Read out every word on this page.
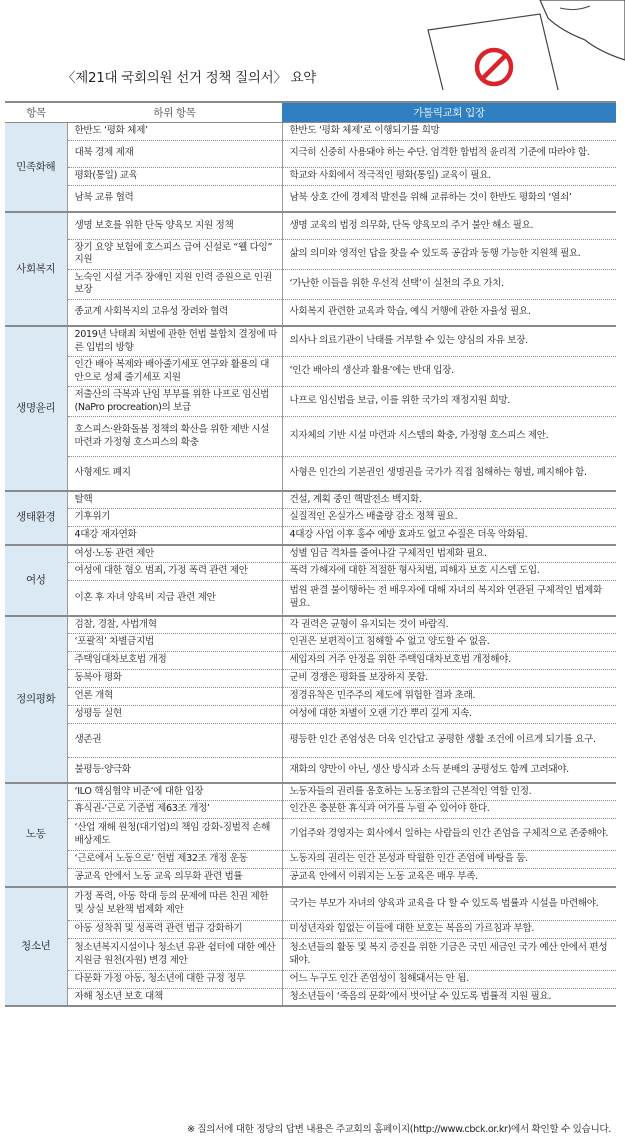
〈제21대 국회의원 선거 정책 질의서〉 요약
항목	하위 항목	가톨릭교회 입장
민족화해	한반도 ‘평화 체제’	한반도 ‘평화 체제’로 이행되기를 희망
	대북 경제 제재	지극히 신중히 사용돼야 하는 수단. 엄격한 합법적 윤리적 기준에 따라야 함.
	평화(통일) 교육	학교와 사회에서 적극적인 평화(통일) 교육이 필요.
	남북 교류 협력	남북 상호 간에 경제적 발전을 위해 교류하는 것이 한반도 평화의 ‘열쇠’
사회복지	생명 보호를 위한 단독 양육모 지원 정책	생명 교육의 법정 의무화, 단독 양육모의 주거 불안 해소 필요.
	장기 요양 보험에 호스피스 급여 신설로 “웰 다잉” 지원	삶의 의미와 영적인 답을 찾을 수 있도록 공감과 동행 가능한 지원책 필요.
	노숙인 시설 거주 장애인 지원 인력 증원으로 인권 보장	‘가난한 이들을 위한 우선적 선택’이 실천의 주요 가치.
	종교계 사회복지의 고유성 장려와 협력	사회복지 관련한 교육과 학습, 예식 거행에 관한 자율성 필요.
생명윤리	2019년 낙태죄 처벌에 관한 헌법 불합치 결정에 따른 입법의 방향	의사나 의료기관이 낙태를 거부할 수 있는 양심의 자유 보장.
	인간 배아 복제와 배아줄기세포 연구와 활용의 대안으로 성체 줄기세포 지원	‘인간 배아의 생산과 활용’에는 반대 입장.
	저출산의 극복과 난임 부부를 위한 나프로 임신법(NaPro procreation)의 보급	나프로 임신법을 보급, 이를 위한 국가의 재정지원 희망.
	호스피스·완화돌봄 정책의 확산을 위한 제반 시설 마련과 가정형 호스피스의 확충	지자체의 기반 시설 마련과 시스템의 확충, 가정형 호스피스 제안.
	사형제도 폐지	사형은 인간의 기본권인 생명권을 국가가 직접 침해하는 형벌, 폐지해야 함.
생태환경	탈핵	건설, 계획 중인 핵발전소 백지화.
	기후위기	실질적인 온실가스 배출량 감소 정책 필요.
	4대강 재자연화	4대강 사업 이후 홍수 예방 효과도 없고 수질은 더욱 악화됨.
여성	여성·노동 관련 제안	성별 임금 격차를 줄여나갈 구체적인 법제화 필요.
	여성에 대한 혐오 범죄, 가정 폭력 관련 제안	폭력 가해자에 대한 적절한 형사처벌, 피해자 보호 시스템 도입.
	이혼 후 자녀 양육비 지급 관련 제안	법원 판결 불이행하는 전 배우자에 대해 자녀의 복지와 연관된 구체적인 법제화 필요.
정의평화	검찰, 경찰, 사법개혁	각 권력은 균형이 유지되는 것이 바람직.
	‘포괄적’ 차별금지법	인권은 보편적이고 침해할 수 없고 양도할 수 없음.
	주택임대차보호법 개정	세입자의 거주 안정을 위한 주택임대차보호법 개정해야.
	동북아 평화	군비 경쟁은 평화를 보장하지 못함.
	언론 개혁	정경유착은 민주주의 제도에 위험한 결과 초래.
	성평등 실현	여성에 대한 차별이 오랜 기간 뿌리 깊게 지속.
	생존권	평등한 인간 존엄성은 더욱 인간답고 공평한 생활 조건에 이르게 되기를 요구.
	불평등·양극화	재화의 양만이 아닌, 생산 방식과 소득 분배의 공평성도 함께 고려돼야.
노동	‘ILO 핵심협약 비준’에 대한 입장	노동자들의 권리를 옹호하는 노동조합의 근본적인 역할 인정.
	휴식권-‘근로 기준법 제63조 개정’	인간은 충분한 휴식과 여가를 누릴 수 있어야 한다.
	‘산업 재해 원청(대기업)의 책임 강화-징벌적 손해배상제도	기업주와 경영자는 회사에서 일하는 사람들의 인간 존엄을 구체적으로 존중해야.
	‘근로에서 노동으로’ 헌법 제32조 개정 운동	노동자의 권리는 인간 본성과 탁월한 인간 존엄에 바탕을 둠.
	공교육 안에서 노동 교육 의무화 관련 법률	공교육 안에서 이뤄지는 노동 교육은 매우 부족.
청소년	가정 폭력, 아동 학대 등의 문제에 따른 친권 제한 및 상실 보완책 법제화 제안	국가는 부모가 자녀의 양육과 교육을 다 할 수 있도록 법률과 시설을 마련해야.
	아동 성착취 및 성폭력 관련 법규 강화하기	미성년자와 힘없는 이들에 대한 보호는 복음의 가르침과 부합.
	청소년복지시설이나 청소년 유관 쉼터에 대한 예산지원금 원천(자원) 변경 제안	청소년들의 활동 및 복지 증진을 위한 기금은 국민 세금인 국가 예산 안에서 편성돼야.
	다문화 가정 아동, 청소년에 대한 규정 정무	어느 누구도 인간 존엄성이 침해돼서는 안 됨.
	자해 청소년 보호 대책	청소년들이 ‘죽음의 문화’에서 벗어날 수 있도록 법률적 지원 필요.
※ 질의서에 대한 정당의 답변 내용은 주교회의 홈페이지(http://www.cbck.or.kr)에서 확인할 수 있습니다.
